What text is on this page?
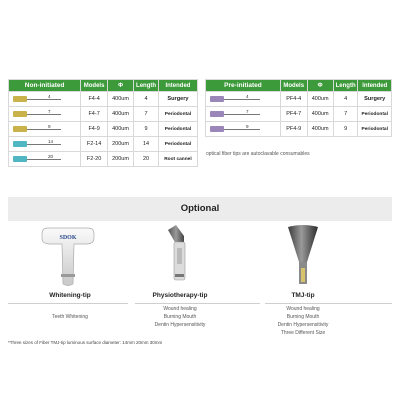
Non-initiated	Models	Φ	Length	Intended

4	F4-4	400um	4	Surgery

7	F4-7	400um	7	Periodontal

9	F4-9	400um	9	Periodontal

14	F2-14	200um	14	Periodontal

20	F2-20	200um	20	Root cannel
Pre-initiated	Models	Φ	Length	Intended

4	PF4-4	400um	4	Surgery

7	PF4-7	400um	7	Periodontal

9	PF4-9	400um	9	Periodontal
optical fiber tips are autoclavable consumables
Optional
SDOK
Whitening-tip
Teeth Whitening
Physiotherapy-tip
Wound healing
Burning Mouth
Dentin Hypersensitivity
TMJ-tip
Wound healing
Burning Mouth
Dentin Hypersensitivity
Three Different Size
*Three sizes of Fiber TMJ-tip luminous surface diameter: 14mm 20mm 30mm
